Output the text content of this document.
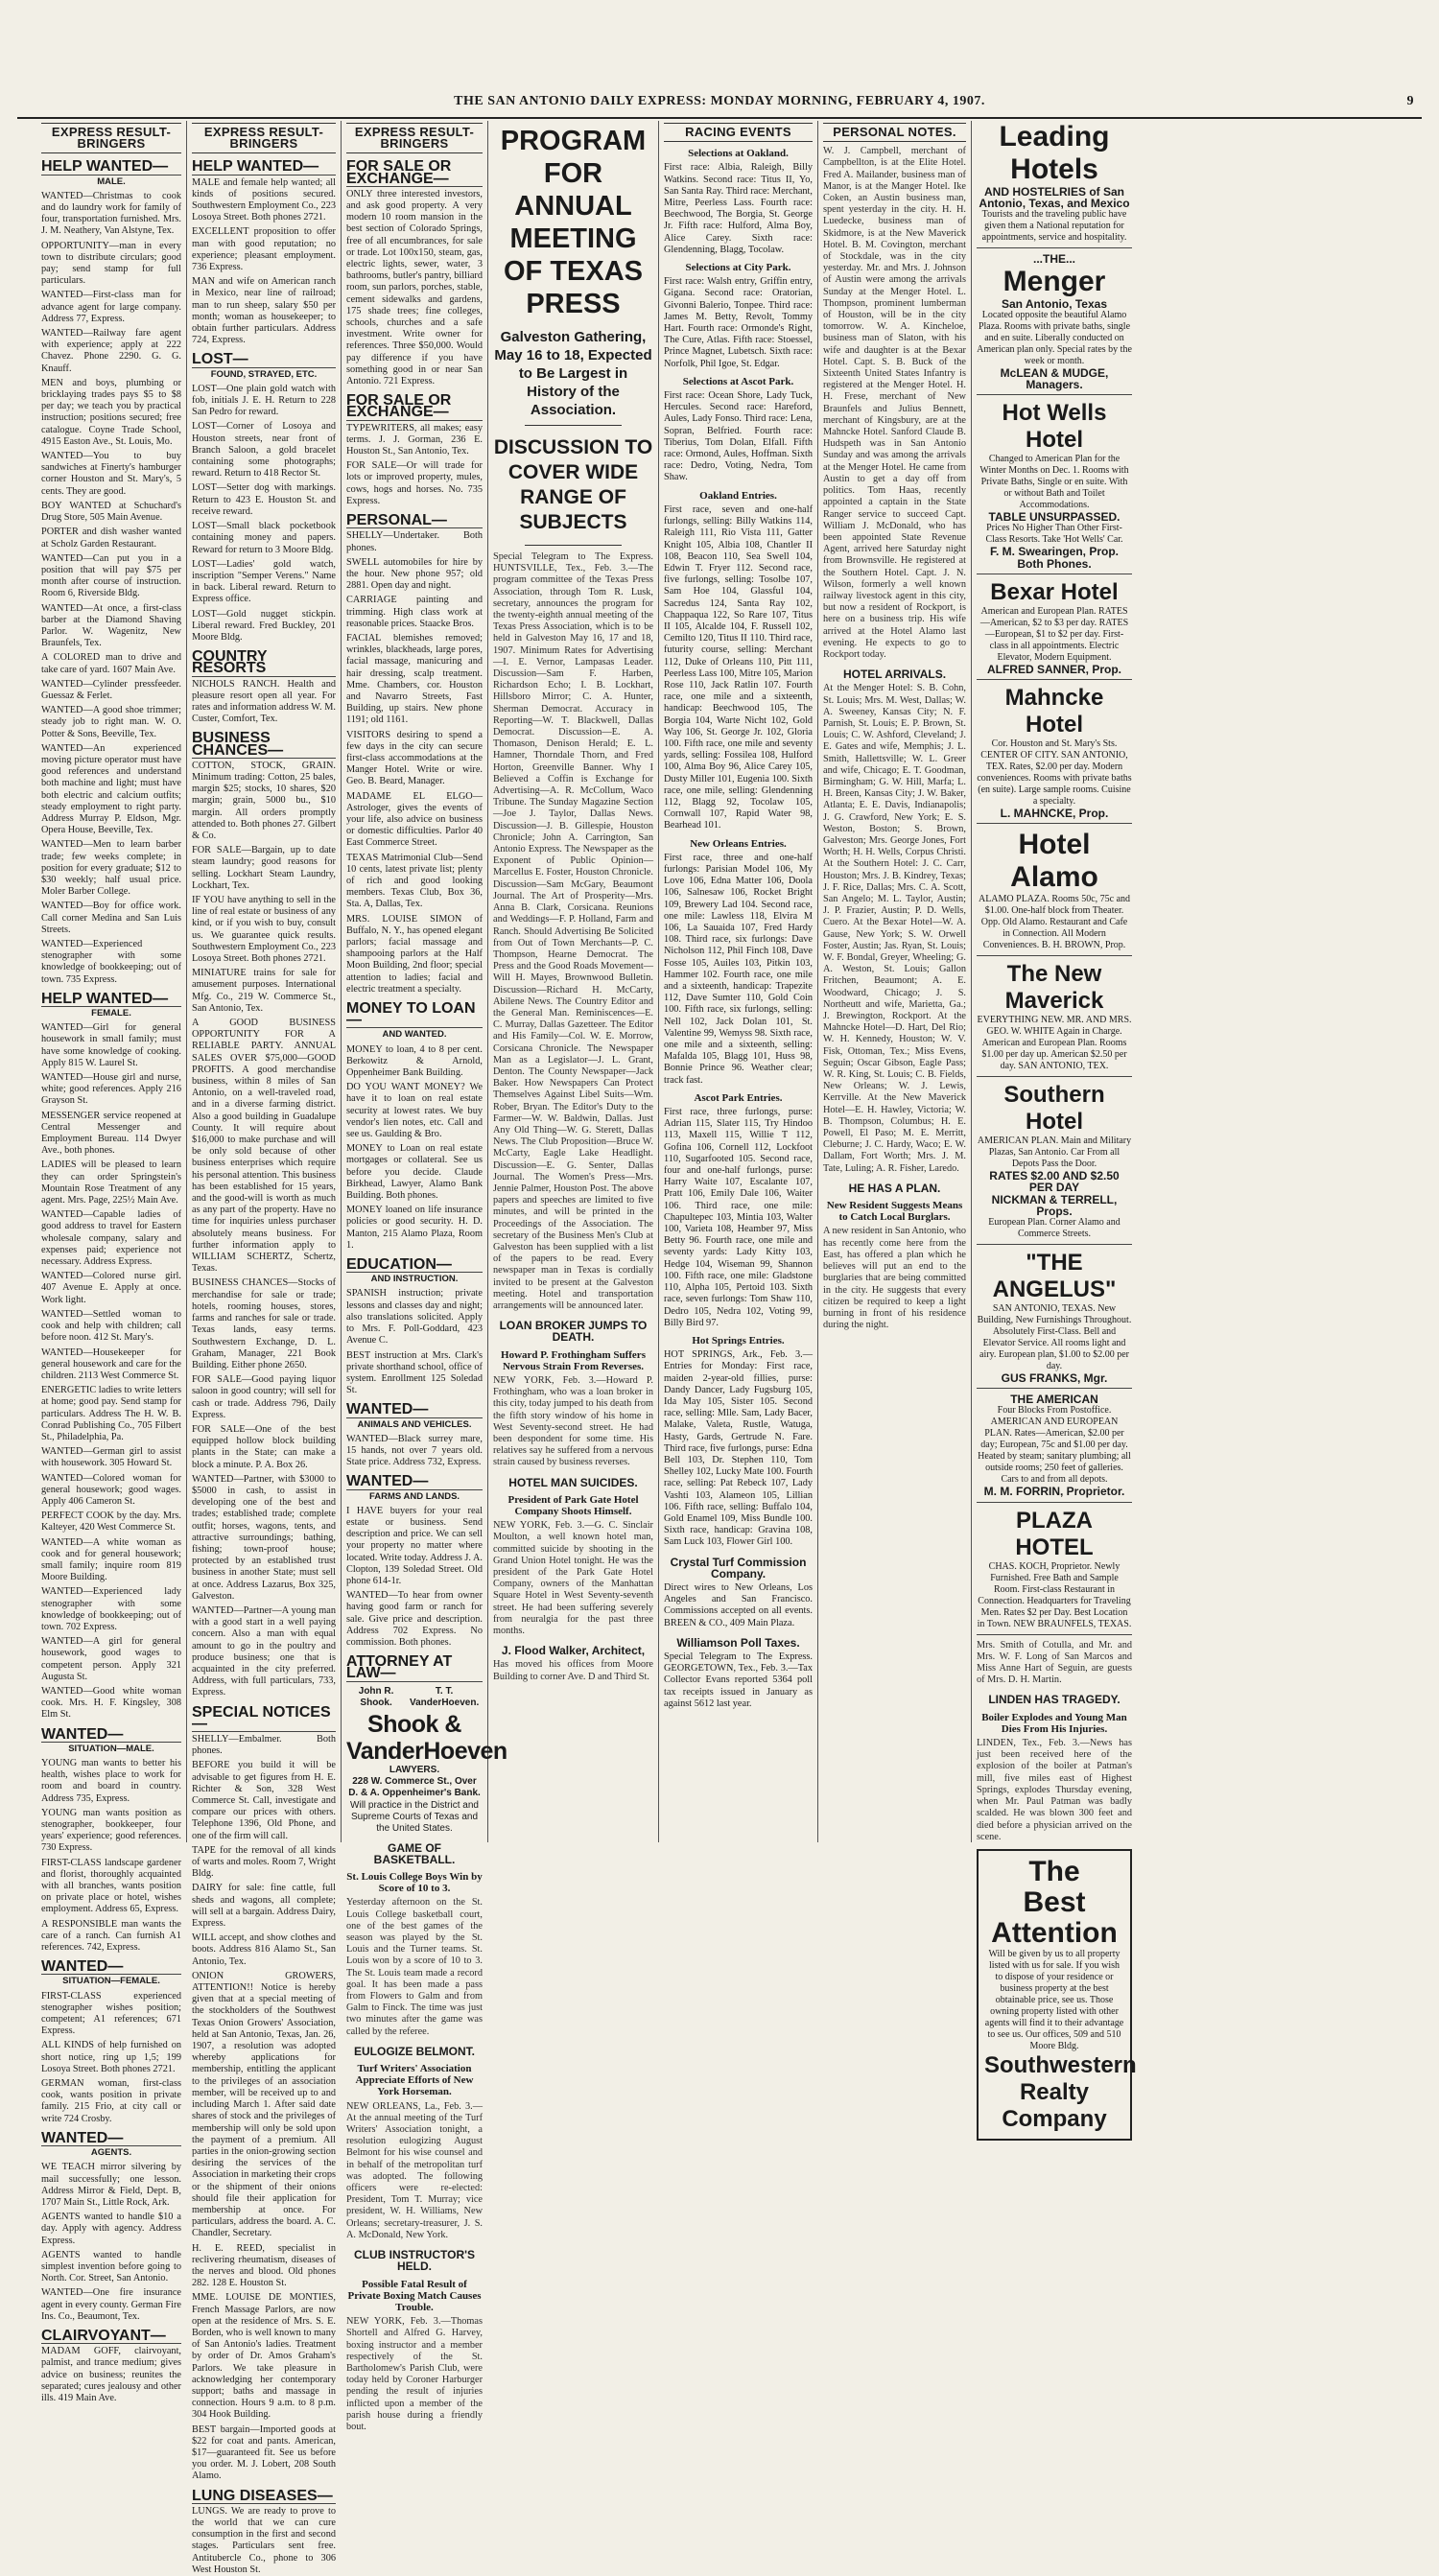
THE SAN ANTONIO DAILY EXPRESS: MONDAY MORNING, FEBRUARY 4, 1907.	9
EXPRESS RESULT-BRINGERS
HELP WANTED—
MALE.
WANTED—Christmas to cook and do laundry work for family of four, transportation furnished. Mrs. J. M. Neathery, Van Alstyne, Tex.
OPPORTUNITY—man in every town to distribute circulars; good pay; send stamp for full particulars.
WANTED—First-class man for advance agent for large company. Address 77, Express.
WANTED—Railway fare agent with experience; apply at 222 Chavez. Phone 2290. G. G. Knauff.
MEN and boys, plumbing or bricklaying trades pays $5 to $8 per day; we teach you by practical instruction; positions secured; free catalogue. Coyne Trade School, 4915 Easton Ave., St. Louis, Mo.
WANTED—You to buy sandwiches at Finerty's hamburger corner Houston and St. Mary's, 5 cents. They are good.
BOY WANTED at Schuchard's Drug Store, 505 Main Avenue.
PORTER and dish washer wanted at Scholz Garden Restaurant.
WANTED—Can put you in a position that will pay $75 per month after course of instruction. Room 6, Riverside Bldg.
WANTED—At once, a first-class barber at the Diamond Shaving Parlor. W. Wagenitz, New Braunfels, Tex.
A COLORED man to drive and take care of yard. 1607 Main Ave.
WANTED—Cylinder pressfeeder. Guessaz & Ferlet.
WANTED—A good shoe trimmer; steady job to right man. W. O. Potter & Sons, Beeville, Tex.
WANTED—An experienced moving picture operator must have good references and understand both machine and light; must have both electric and calcium outfits; steady employment to right party. Address Murray P. Eldson, Mgr. Opera House, Beeville, Tex.
WANTED—Men to learn barber trade; few weeks complete; in position for every graduate; $12 to $30 weekly; half usual price. Moler Barber College.
WANTED—Boy for office work. Call corner Medina and San Luis Streets.
WANTED—Experienced stenographer with some knowledge of bookkeeping; out of town. 735 Express.
HELP WANTED—
FEMALE.
WANTED—Girl for general housework in small family; must have some knowledge of cooking. Apply 815 W. Laurel St.
WANTED—House girl and nurse, white; good references. Apply 216 Grayson St.
MESSENGER service reopened at Central Messenger and Employment Bureau. 114 Dwyer Ave., both phones.
LADIES will be pleased to learn they can order Springstein's Mountain Rose Treatment of any agent. Mrs. Page, 225½ Main Ave.
WANTED—Capable ladies of good address to travel for Eastern wholesale company, salary and expenses paid; experience not necessary. Address Express.
WANTED—Colored nurse girl. 407 Avenue E. Apply at once. Work light.
WANTED—Settled woman to cook and help with children; call before noon. 412 St. Mary's.
WANTED—Housekeeper for general housework and care for the children. 2113 West Commerce St.
ENERGETIC ladies to write letters at home; good pay. Send stamp for particulars. Address The H. W. B. Conrad Publishing Co., 705 Filbert St., Philadelphia, Pa.
WANTED—German girl to assist with housework. 305 Howard St.
WANTED—Colored woman for general housework; good wages. Apply 406 Cameron St.
PERFECT COOK by the day. Mrs. Kalteyer, 420 West Commerce St.
WANTED—A white woman as cook and for general housework; small family; inquire room 819 Moore Building.
WANTED—Experienced lady stenographer with some knowledge of bookkeeping; out of town. 702 Express.
WANTED—A girl for general housework, good wages to competent person. Apply 321 Augusta St.
WANTED—Good white woman cook. Mrs. H. F. Kingsley, 308 Elm St.
WANTED—
SITUATION—MALE.
YOUNG man wants to better his health, wishes place to work for room and board in country. Address 735, Express.
YOUNG man wants position as stenographer, bookkeeper, four years' experience; good references. 730 Express.
FIRST-CLASS landscape gardener and florist, thoroughly acquainted with all branches, wants position on private place or hotel, wishes employment. Address 65, Express.
A RESPONSIBLE man wants the care of a ranch. Can furnish A1 references. 742, Express.
WANTED—
SITUATION—FEMALE.
FIRST-CLASS experienced stenographer wishes position; competent; A1 references; 671 Express.
ALL KINDS of help furnished on short notice, ring up 1,5; 199 Losoya Street. Both phones 2721.
GERMAN woman, first-class cook, wants position in private family. 215 Frio, at city call or write 724 Crosby.
WANTED—
AGENTS.
WE TEACH mirror silvering by mail successfully; one lesson. Address Mirror & Field, Dept. B, 1707 Main St., Little Rock, Ark.
AGENTS wanted to handle $10 a day. Apply with agency. Address Express.
AGENTS wanted to handle simplest invention before going to North. Cor. Street, San Antonio.
WANTED—One fire insurance agent in every county. German Fire Ins. Co., Beaumont, Tex.
CLAIRVOYANT—
MADAM GOFF, clairvoyant, palmist, and trance medium; gives advice on business; reunites the separated; cures jealousy and other ills. 419 Main Ave.
EXPRESS RESULT-BRINGERS
HELP WANTED—
MALE and female help wanted; all kinds of positions secured. Southwestern Employment Co., 223 Losoya Street. Both phones 2721.
EXCELLENT proposition to offer man with good reputation; no experience; pleasant employment. 736 Express.
MAN and wife on American ranch in Mexico, near line of railroad; man to run sheep, salary $50 per month; woman as housekeeper; to obtain further particulars. Address 724, Express.
LOST—
FOUND, STRAYED, ETC.
LOST—One plain gold watch with fob, initials J. E. H. Return to 228 San Pedro for reward.
LOST—Corner of Losoya and Houston streets, near front of Branch Saloon, a gold bracelet containing some photographs; reward. Return to 418 Rector St.
LOST—Setter dog with markings. Return to 423 E. Houston St. and receive reward.
LOST—Small black pocketbook containing money and papers. Reward for return to 3 Moore Bldg.
LOST—Ladies' gold watch, inscription "Semper Verens." Name in back. Liberal reward. Return to Express office.
LOST—Gold nugget stickpin. Liberal reward. Fred Buckley, 201 Moore Bldg.
COUNTRY RESORTS
NICHOLS RANCH. Health and pleasure resort open all year. For rates and information address W. M. Custer, Comfort, Tex.
BUSINESS CHANCES—
COTTON, STOCK, GRAIN. Minimum trading: Cotton, 25 bales, margin $25; stocks, 10 shares, $20 margin; grain, 5000 bu., $10 margin. All orders promptly attended to. Both phones 27. Gilbert & Co.
FOR SALE—Bargain, up to date steam laundry; good reasons for selling. Lockhart Steam Laundry, Lockhart, Tex.
IF YOU have anything to sell in the line of real estate or business of any kind, or if you wish to buy, consult us. We guarantee quick results. Southwestern Employment Co., 223 Losoya Street. Both phones 2721.
MINIATURE trains for sale for amusement purposes. International Mfg. Co., 219 W. Commerce St., San Antonio, Tex.
A GOOD BUSINESS OPPORTUNITY FOR A RELIABLE PARTY. ANNUAL SALES OVER $75,000—GOOD PROFITS. A good merchandise business, within 8 miles of San Antonio, on a well-traveled road, and in a diverse farming district. Also a good building in Guadalupe County. It will require about $16,000 to make purchase and will be only sold because of other business enterprises which require his personal attention. This business has been established for 15 years, and the good-will is worth as much as any part of the property. Have no time for inquiries unless purchaser absolutely means business. For further information apply to WILLIAM SCHERTZ, Schertz, Texas.
BUSINESS CHANCES—Stocks of merchandise for sale or trade; hotels, rooming houses, stores, farms and ranches for sale or trade. Texas lands, easy terms. Southwestern Exchange, D. L. Graham, Manager, 221 Book Building. Either phone 2650.
FOR SALE—Good paying liquor saloon in good country; will sell for cash or trade. Address 796, Daily Express.
FOR SALE—One of the best equipped hollow block building plants in the State; can make a block a minute. P. A. Box 26.
WANTED—Partner, with $3000 to $5000 in cash, to assist in developing one of the best and trades; established trade; complete outfit; horses, wagons, tents, and attractive surroundings; bathing, fishing; town-proof house; protected by an established trust business in another State; must sell at once. Address Lazarus, Box 325, Galveston.
WANTED—Partner—A young man with a good start in a well paying concern. Also a man with equal amount to go in the poultry and produce business; one that is acquainted in the city preferred. Address, with full particulars, 733, Express.
SPECIAL NOTICES—
SHELLY—Embalmer. Both phones.
BEFORE you build it will be advisable to get figures from H. E. Richter & Son, 328 West Commerce St. Call, investigate and compare our prices with others. Telephone 1396, Old Phone, and one of the firm will call.
TAPE for the removal of all kinds of warts and moles. Room 7, Wright Bldg.
DAIRY for sale: fine cattle, full sheds and wagons, all complete; will sell at a bargain. Address Dairy, Express.
WILL accept, and show clothes and boots. Address 816 Alamo St., San Antonio, Tex.
ONION GROWERS, ATTENTION!! Notice is hereby given that at a special meeting of the stockholders of the Southwest Texas Onion Growers' Association, held at San Antonio, Texas, Jan. 26, 1907, a resolution was adopted whereby applications for membership, entitling the applicant to the privileges of an association member, will be received up to and including March 1. After said date shares of stock and the privileges of membership will only be sold upon the payment of a premium. All parties in the onion-growing section desiring the services of the Association in marketing their crops or the shipment of their onions should file their application for membership at once. For particulars, address the board. A. C. Chandler, Secretary.
H. E. REED, specialist in reclivering rheumatism, diseases of the nerves and blood. Old phones 282. 128 E. Houston St.
MME. LOUISE DE MONTIES, French Massage Parlors, are now open at the residence of Mrs. S. E. Borden, who is well known to many of San Antonio's ladies. Treatment by order of Dr. Amos Graham's Parlors. We take pleasure in acknowledging her contemporary support; baths and massage in connection. Hours 9 a.m. to 8 p.m. 304 Hook Building.
BEST bargain—Imported goods at $22 for coat and pants. American, $17—guaranteed fit. See us before you order. M. J. Lobert, 208 South Alamo.
LUNG DISEASES—
LUNGS. We are ready to prove to the world that we can cure consumption in the first and second stages. Particulars sent free. Antitubercle Co., phone to 306 West Houston St.
EXPRESS RESULT-BRINGERS
FOR SALE OR EXCHANGE—
ONLY three interested investors, and ask good property. A very modern 10 room mansion in the best section of Colorado Springs, free of all encumbrances, for sale or trade. Lot 100x150, steam, gas, electric lights, sewer, water, 3 bathrooms, butler's pantry, billiard room, sun parlors, porches, stable, cement sidewalks and gardens, 175 shade trees; fine colleges, schools, churches and a safe investment. Write owner for references. Three $50,000. Would pay difference if you have something good in or near San Antonio. 721 Express.
FOR SALE OR EXCHANGE—
TYPEWRITERS, all makes; easy terms. J. J. Gorman, 236 E. Houston St., San Antonio, Tex.
FOR SALE—Or will trade for lots or improved property, mules, cows, hogs and horses. No. 735 Express.
PERSONAL—
SHELLY—Undertaker. Both phones.
SWELL automobiles for hire by the hour. New phone 957; old 2881. Open day and night.
CARRIAGE painting and trimming. High class work at reasonable prices. Staacke Bros.
FACIAL blemishes removed; wrinkles, blackheads, large pores, facial massage, manicuring and hair dressing, scalp treatment. Mme. Chambers, cor. Houston and Navarro Streets, Fast Building, up stairs. New phone 1191; old 1161.
VISITORS desiring to spend a few days in the city can secure first-class accommodations at the Manger Hotel. Write or wire. Geo. B. Beard, Manager.
MADAME EL ELGO—Astrologer, gives the events of your life, also advice on business or domestic difficulties. Parlor 40 East Commerce Street.
TEXAS Matrimonial Club—Send 10 cents, latest private list; plenty of rich and good looking members. Texas Club, Box 36, Sta. A, Dallas, Tex.
MRS. LOUISE SIMON of Buffalo, N. Y., has opened elegant parlors; facial massage and shampooing parlors at the Half Moon Building, 2nd floor; special attention to ladies; facial and electric treatment a specialty.
MONEY TO LOAN—
AND WANTED.
MONEY to loan, 4 to 8 per cent. Berkowitz & Arnold, Oppenheimer Bank Building.
DO YOU WANT MONEY? We have it to loan on real estate security at lowest rates. We buy vendor's lien notes, etc. Call and see us. Gaulding & Bro.
MONEY to Loan on real estate mortgages or collateral. See us before you decide. Claude Birkhead, Lawyer, Alamo Bank Building. Both phones.
MONEY loaned on life insurance policies or good security. H. D. Manton, 215 Alamo Plaza, Room 1.
EDUCATION—
AND INSTRUCTION.
SPANISH instruction; private lessons and classes day and night; also translations solicited. Apply to Mrs. F. Poll-Goddard, 423 Avenue C.
BEST instruction at Mrs. Clark's private shorthand school, office of system. Enrollment 125 Soledad St.
WANTED—
ANIMALS AND VEHICLES.
WANTED—Black surrey mare, 15 hands, not over 7 years old. State price. Address 732, Express.
WANTED—
FARMS AND LANDS.
I HAVE buyers for your real estate or business. Send description and price. We can sell your property no matter where located. Write today. Address J. A. Clopton, 139 Soledad Street. Old phone 614-1r.
WANTED—To hear from owner having good farm or ranch for sale. Give price and description. Address 702 Express. No commission. Both phones.
ATTORNEY AT LAW—
John R. Shook.
T. T. VanderHoeven.
Shook & VanderHoeven
LAWYERS.
228 W. Commerce St., Over D. & A. Oppenheimer's Bank.
Will practice in the District and Supreme Courts of Texas and the United States.
GAME OF BASKETBALL.
St. Louis College Boys Win by Score of 10 to 3.
Yesterday afternoon on the St. Louis College basketball court, one of the best games of the season was played by the St. Louis and the Turner teams. St. Louis won by a score of 10 to 3. The St. Louis team made a record goal. It has been made a pass from Flowers to Galm and from Galm to Finck. The time was just two minutes after the game was called by the referee.
EULOGIZE BELMONT.
Turf Writers' Association Appreciate Efforts of New York Horseman.
NEW ORLEANS, La., Feb. 3.—At the annual meeting of the Turf Writers' Association tonight, a resolution eulogizing August Belmont for his wise counsel and in behalf of the metropolitan turf was adopted. The following officers were re-elected: President, Tom T. Murray; vice president, W. H. Williams, New Orleans; secretary-treasurer, J. S. A. McDonald, New York.
CLUB INSTRUCTOR'S HELD.
Possible Fatal Result of Private Boxing Match Causes Trouble.
NEW YORK, Feb. 3.—Thomas Shortell and Alfred G. Harvey, boxing instructor and a member respectively of the St. Bartholomew's Parish Club, were today held by Coroner Harburger pending the result of injuries inflicted upon a member of the parish house during a friendly bout.
PROGRAM FOR ANNUAL MEETING OF TEXAS PRESS
Galveston Gathering, May 16 to 18, Expected to Be Largest in History of the Association.
DISCUSSION TO COVER WIDE RANGE OF SUBJECTS
Special Telegram to The Express. HUNTSVILLE, Tex., Feb. 3.—The program committee of the Texas Press Association, through Tom R. Lusk, secretary, announces the program for the twenty-eighth annual meeting of the Texas Press Association, which is to be held in Galveston May 16, 17 and 18, 1907. Minimum Rates for Advertising—I. E. Vernor, Lampasas Leader. Discussion—Sam F. Harben, Richardson Echo; I. B. Lockhart, Hillsboro Mirror; C. A. Hunter, Sherman Democrat. Accuracy in Reporting—W. T. Blackwell, Dallas Democrat. Discussion—E. A. Thomason, Denison Herald; E. L. Hamner, Thorndale Thorn, and Fred Horton, Greenville Banner. Why I Believed a Coffin is Exchange for Advertising—A. R. McCollum, Waco Tribune. The Sunday Magazine Section—Joe J. Taylor, Dallas News. Discussion—J. B. Gillespie, Houston Chronicle; John A. Carrington, San Antonio Express. The Newspaper as the Exponent of Public Opinion—Marcellus E. Foster, Houston Chronicle. Discussion—Sam McGary, Beaumont Journal. The Art of Prosperity—Mrs. Anna B. Clark, Corsicana. Reunions and Weddings—F. P. Holland, Farm and Ranch. Should Advertising Be Solicited from Out of Town Merchants—P. C. Thompson, Hearne Democrat. The Press and the Good Roads Movement—Will H. Mayes, Brownwood Bulletin. Discussion—Richard H. McCarty, Abilene News. The Country Editor and the General Man. Reminiscences—E. C. Murray, Dallas Gazetteer. The Editor and His Family—Col. W. E. Morrow, Corsicana Chronicle. The Newspaper Man as a Legislator—J. L. Grant, Denton. The County Newspaper—Jack Baker. How Newspapers Can Protect Themselves Against Libel Suits—Wm. Rober, Bryan. The Editor's Duty to the Farmer—W. W. Baldwin, Dallas. Just Any Old Thing—W. G. Sterett, Dallas News. The Club Proposition—Bruce W. McCarty, Eagle Lake Headlight. Discussion—E. G. Senter, Dallas Journal. The Women's Press—Mrs. Jennie Palmer, Houston Post. The above papers and speeches are limited to five minutes, and will be printed in the Proceedings of the Association. The secretary of the Business Men's Club at Galveston has been supplied with a list of the papers to be read. Every newspaper man in Texas is cordially invited to be present at the Galveston meeting. Hotel and transportation arrangements will be announced later.
LOAN BROKER JUMPS TO DEATH.
Howard P. Frothingham Suffers Nervous Strain From Reverses.
NEW YORK, Feb. 3.—Howard P. Frothingham, who was a loan broker in this city, today jumped to his death from the fifth story window of his home in West Seventy-second street. He had been despondent for some time. His relatives say he suffered from a nervous strain caused by business reverses.
HOTEL MAN SUICIDES.
President of Park Gate Hotel Company Shoots Himself.
NEW YORK, Feb. 3.—G. C. Sinclair Moulton, a well known hotel man, committed suicide by shooting in the Grand Union Hotel tonight. He was the president of the Park Gate Hotel Company, owners of the Manhattan Square Hotel in West Seventy-seventh street. He had been suffering severely from neuralgia for the past three months.
J. Flood Walker, Architect,
Has moved his offices from Moore Building to corner Ave. D and Third St.
RACING EVENTS
Selections at Oakland.
First race: Albia, Raleigh, Billy Watkins. Second race: Titus II, Yo, San Santa Ray. Third race: Merchant, Mitre, Peerless Lass. Fourth race: Beechwood, The Borgia, St. George Jr. Fifth race: Hulford, Alma Boy, Alice Carey. Sixth race: Glendenning, Blagg, Tocolaw.
Selections at City Park.
First race: Walsh entry, Griffin entry, Gigana. Second race: Oratorian, Givonni Balerio, Tonpee. Third race: James M. Betty, Revolt, Tommy Hart. Fourth race: Ormonde's Right, The Cure, Atlas. Fifth race: Stoessel, Prince Magnet, Lubetsch. Sixth race: Norfolk, Phil Igoe, St. Edgar.
Selections at Ascot Park.
First race: Ocean Shore, Lady Tuck, Hercules. Second race: Hareford, Aules, Lady Fonso. Third race: Lena, Sopran, Belfried. Fourth race: Tiberius, Tom Dolan, Elfall. Fifth race: Ormond, Aules, Hoffman. Sixth race: Dedro, Voting, Nedra, Tom Shaw.
Oakland Entries.
First race, seven and one-half furlongs, selling: Billy Watkins 114, Raleigh 111, Rio Vista 111, Gatter Knight 105, Albia 108, Chantler II 108, Beacon 110, Sea Swell 104, Edwin T. Fryer 112. Second race, five furlongs, selling: Tosolbe 107, Sam Hoe 104, Glassful 104, Sacredus 124, Santa Ray 102, Chappaqua 122, So Rare 107, Titus II 105, Alcalde 104, F. Russell 102, Cemilto 120, Titus II 110. Third race, futurity course, selling: Merchant 112, Duke of Orleans 110, Pitt 111, Peerless Lass 100, Mitre 105, Marion Rose 110, Jack Ratlin 107. Fourth race, one mile and a sixteenth, handicap: Beechwood 105, The Borgia 104, Warte Nicht 102, Gold Way 106, St. George Jr. 102, Gloria 100. Fifth race, one mile and seventy yards, selling: Fossilea 108, Hulford 100, Alma Boy 96, Alice Carey 105, Dusty Miller 101, Eugenia 100. Sixth race, one mile, selling: Glendenning 112, Blagg 92, Tocolaw 105, Cornwall 107, Rapid Water 98, Bearhead 101.
New Orleans Entries.
First race, three and one-half furlongs: Parisian Model 106, My Love 106, Edna Matter 106, Doola 106, Salnesaw 106, Rocket Bright 109, Brewery Lad 104. Second race, one mile: Lawless 118, Elvira M 106, La Sauaida 107, Fred Hardy 108. Third race, six furlongs: Dave Nicholson 112, Phil Finch 108, Dave Fosse 105, Auiles 103, Pitkin 103, Hammer 102. Fourth race, one mile and a sixteenth, handicap: Trapezite 112, Dave Sumter 110, Gold Coin 100. Fifth race, six furlongs, selling: Nell 102, Jack Dolan 101, St. Valentine 99, Wemyss 98. Sixth race, one mile and a sixteenth, selling: Mafalda 105, Blagg 101, Huss 98, Bonnie Prince 96. Weather clear; track fast.
Ascot Park Entries.
First race, three furlongs, purse: Adrian 115, Slater 115, Try Hindoo 113, Maxell 115, Willie T 112, Gofina 106, Cornell 112, Lockfoot 110, Sugarfooted 105. Second race, four and one-half furlongs, purse: Harry Waite 107, Escalante 107, Pratt 106, Emily Dale 106, Waiter 106. Third race, one mile: Chapultepec 103, Mintia 103, Walter 100, Varieta 108, Heamber 97, Miss Betty 96. Fourth race, one mile and seventy yards: Lady Kitty 103, Hedge 104, Wiseman 99, Shannon 100. Fifth race, one mile: Gladstone 110, Alpha 105, Pertoid 103. Sixth race, seven furlongs: Tom Shaw 110, Dedro 105, Nedra 102, Voting 99, Billy Bird 97.
Hot Springs Entries.
HOT SPRINGS, Ark., Feb. 3.—Entries for Monday: First race, maiden 2-year-old fillies, purse: Dandy Dancer, Lady Fugsburg 105, Ida May 105, Sister 105. Second race, selling: Mlle. Sam, Lady Bacer, Malake, Valeta, Rustle, Watuga, Hasty, Gards, Gertrude N. Fare. Third race, five furlongs, purse: Edna Bell 103, Dr. Stephen 110, Tom Shelley 102, Lucky Mate 100. Fourth race, selling: Pat Rebeck 107, Lady Vashti 103, Alameon 105, Lillian 106. Fifth race, selling: Buffalo 104, Gold Enamel 109, Miss Bundle 100. Sixth race, handicap: Gravina 108, Sam Luck 103, Flower Girl 100.
Crystal Turf Commission Company.
Direct wires to New Orleans, Los Angeles and San Francisco. Commissions accepted on all events. BREEN & CO., 409 Main Plaza.
Williamson Poll Taxes.
Special Telegram to The Express. GEORGETOWN, Tex., Feb. 3.—Tax Collector Evans reported 5364 poll tax receipts issued in January as against 5612 last year.
PERSONAL NOTES.
W. J. Campbell, merchant of Campbellton, is at the Elite Hotel. Fred A. Mailander, business man of Manor, is at the Manger Hotel. Ike Coken, an Austin business man, spent yesterday in the city. H. H. Luedecke, business man of Skidmore, is at the New Maverick Hotel. B. M. Covington, merchant of Stockdale, was in the city yesterday. Mr. and Mrs. J. Johnson of Austin were among the arrivals Sunday at the Menger Hotel. L. Thompson, prominent lumberman of Houston, will be in the city tomorrow. W. A. Kincheloe, business man of Slaton, with his wife and daughter is at the Bexar Hotel. Capt. S. B. Buck of the Sixteenth United States Infantry is registered at the Menger Hotel. H. H. Frese, merchant of New Braunfels and Julius Bennett, merchant of Kingsbury, are at the Mahncke Hotel. Sanford Claude B. Hudspeth was in San Antonio Sunday and was among the arrivals at the Menger Hotel. He came from Austin to get a day off from politics. Tom Haas, recently appointed a captain in the State Ranger service to succeed Capt. William J. McDonald, who has been appointed State Revenue Agent, arrived here Saturday night from Brownsville. He registered at the Southern Hotel. Capt. J. N. Wilson, formerly a well known railway livestock agent in this city, but now a resident of Rockport, is here on a business trip. His wife arrived at the Hotel Alamo last evening. He expects to go to Rockport today.
HOTEL ARRIVALS.
At the Menger Hotel: S. B. Cohn, St. Louis; Mrs. M. West, Dallas; W. A. Sweeney, Kansas City; N. F. Parnish, St. Louis; E. P. Brown, St. Louis; C. W. Ashford, Cleveland; J. E. Gates and wife, Memphis; J. L. Smith, Hallettsville; W. L. Greer and wife, Chicago; E. T. Goodman, Birmingham; G. W. Hill, Marfa; L. H. Breen, Kansas City; J. W. Baker, Atlanta; E. E. Davis, Indianapolis; J. G. Crawford, New York; E. S. Weston, Boston; S. Brown, Galveston; Mrs. George Jones, Fort Worth; H. H. Wells, Corpus Christi. At the Southern Hotel: J. C. Carr, Houston; Mrs. J. B. Kindrey, Texas; J. F. Rice, Dallas; Mrs. C. A. Scott, San Angelo; M. L. Taylor, Austin; J. P. Frazier, Austin; P. D. Wells, Cuero. At the Bexar Hotel—W. A. Gause, New York; S. W. Orwell Foster, Austin; Jas. Ryan, St. Louis; W. F. Bondal, Greyer, Wheeling; G. A. Weston, St. Louis; Gallon Fritchen, Beaumont; A. E. Woodward, Chicago; J. S. Northeutt and wife, Marietta, Ga.; J. Brewington, Rockport. At the Mahncke Hotel—D. Hart, Del Rio; W. H. Kennedy, Houston; W. V. Fisk, Ottoman, Tex.; Miss Evens, Seguin; Oscar Gibson, Eagle Pass; W. R. King, St. Louis; C. B. Fields, New Orleans; W. J. Lewis, Kerrville. At the New Maverick Hotel—E. H. Hawley, Victoria; W. B. Thompson, Columbus; H. E. Powell, El Paso; M. E. Merritt, Cleburne; J. C. Hardy, Waco; E. W. Dallam, Fort Worth; Mrs. J. M. Tate, Luling; A. R. Fisher, Laredo.
HE HAS A PLAN.
New Resident Suggests Means to Catch Local Burglars.
A new resident in San Antonio, who has recently come here from the East, has offered a plan which he believes will put an end to the burglaries that are being committed in the city. He suggests that every citizen be required to keep a light burning in front of his residence during the night.
Leading Hotels
AND HOSTELRIES of San Antonio, Texas, and Mexico
Tourists and the traveling public have given them a National reputation for appointments, service and hospitality.
...THE...
Menger
San Antonio, Texas
Located opposite the beautiful Alamo Plaza. Rooms with private baths, single and en suite. Liberally conducted on American plan only. Special rates by the week or month.
McLEAN & MUDGE, Managers.
Hot Wells Hotel
Changed to American Plan for the Winter Months on Dec. 1. Rooms with Private Baths, Single or en suite. With or without Bath and Toilet Accommodations.
TABLE UNSURPASSED.
Prices No Higher Than Other First-Class Resorts. Take 'Hot Wells' Car.
F. M. Swearingen, Prop. Both Phones.
Bexar Hotel
American and European Plan. RATES—American, $2 to $3 per day. RATES—European, $1 to $2 per day. First-class in all appointments. Electric Elevator, Modern Equipment.
ALFRED SANNER, Prop.
Mahncke Hotel
Cor. Houston and St. Mary's Sts. CENTER OF CITY. SAN ANTONIO, TEX. Rates, $2.00 per day. Modern conveniences. Rooms with private baths (en suite). Large sample rooms. Cuisine a specialty.
L. MAHNCKE, Prop.
Hotel Alamo
ALAMO PLAZA. Rooms 50c, 75c and $1.00. One-half block from Theater. Opp. Old Alamo. Restaurant and Cafe in Connection. All Modern Conveniences. B. H. BROWN, Prop.
The New Maverick
EVERYTHING NEW. MR. AND MRS. GEO. W. WHITE Again in Charge. American and European Plan. Rooms $1.00 per day up. American $2.50 per day. SAN ANTONIO, TEX.
Southern Hotel
AMERICAN PLAN. Main and Military Plazas, San Antonio. Car From all Depots Pass the Door.
RATES $2.00 AND $2.50 PER DAY
NICKMAN & TERRELL, Props.
European Plan. Corner Alamo and Commerce Streets.
"THE ANGELUS"
SAN ANTONIO, TEXAS. New Building, New Furnishings Throughout. Absolutely First-Class. Bell and Elevator Service. All rooms light and airy. European plan, $1.00 to $2.00 per day.
GUS FRANKS, Mgr.
THE AMERICAN
Four Blocks From Postoffice. AMERICAN AND EUROPEAN PLAN. Rates—American, $2.00 per day; European, 75c and $1.00 per day. Heated by steam; sanitary plumbing; all outside rooms; 250 feet of galleries. Cars to and from all depots.
M. M. FORRIN, Proprietor.
PLAZA HOTEL
CHAS. KOCH, Proprietor. Newly Furnished. Free Bath and Sample Room. First-class Restaurant in Connection. Headquarters for Traveling Men. Rates $2 per Day. Best Location in Town. NEW BRAUNFELS, TEXAS.
Mrs. Smith of Cotulla, and Mr. and Mrs. W. F. Long of San Marcos and Miss Anne Hart of Seguin, are guests of Mrs. D. H. Martin.
LINDEN HAS TRAGEDY.
Boiler Explodes and Young Man Dies From His Injuries.
LINDEN, Tex., Feb. 3.—News has just been received here of the explosion of the boiler at Patman's mill, five miles east of Highest Springs, explodes Thursday evening, when Mr. Paul Patman was badly scalded. He was blown 300 feet and died before a physician arrived on the scene.
The
Best
Attention
Will be given by us to all property listed with us for sale. If you wish to dispose of your residence or business property at the best obtainable price, see us. Those owning property listed with other agents will find it to their advantage to see us. Our offices, 509 and 510 Moore Bldg.
Southwestern Realty Company
